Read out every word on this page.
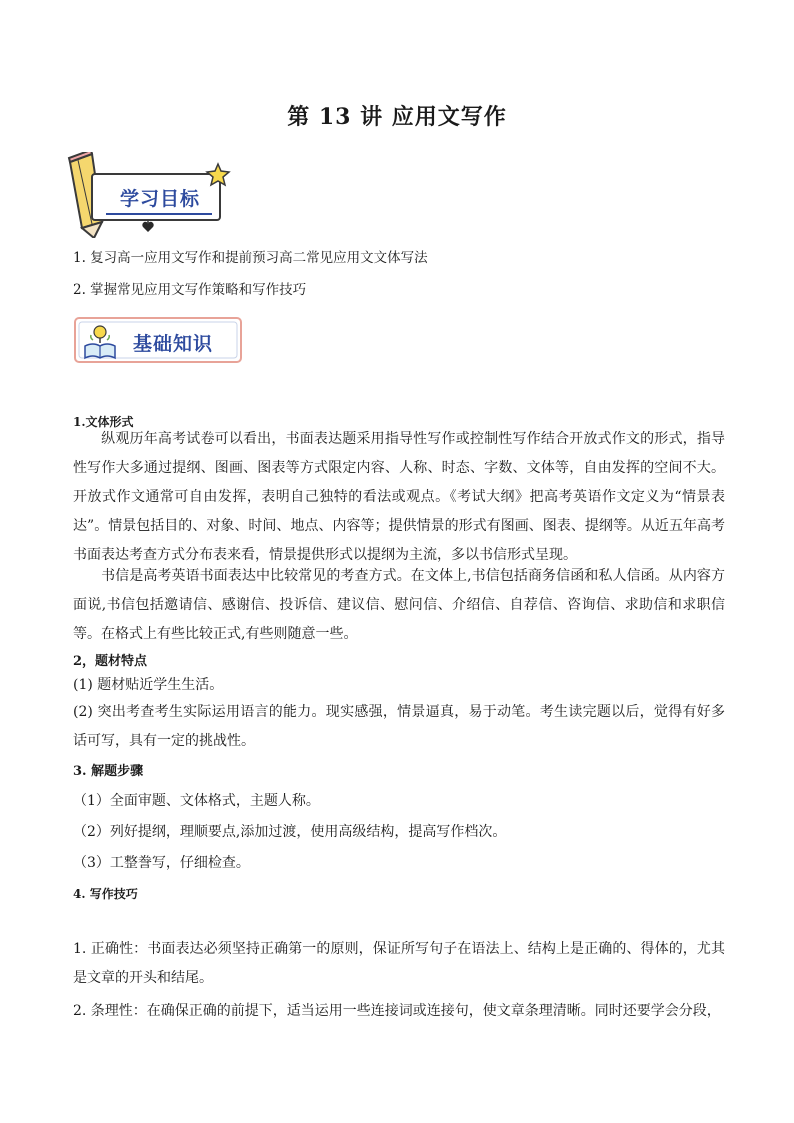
第 13 讲 应用文写作
学习目标
1. 复习高一应用文写作和提前预习高二常见应用文文体写法
2. 掌握常见应用文写作策略和写作技巧
基础知识
1.文体形式
纵观历年高考试卷可以看出，书面表达题采用指导性写作或控制性写作结合开放式作文的形式，指导性写作大多通过提纲、图画、图表等方式限定内容、人称、时态、字数、文体等，自由发挥的空间不大。开放式作文通常可自由发挥，表明自己独特的看法或观点。《考试大纲》把高考英语作文定义为“情景表达”。情景包括目的、对象、时间、地点、内容等；提供情景的形式有图画、图表、提纲等。从近五年高考书面表达考查方式分布表来看，情景提供形式以提纲为主流，多以书信形式呈现。
书信是高考英语书面表达中比较常见的考查方式。在文体上,书信包括商务信函和私人信函。从内容方面说,书信包括邀请信、感谢信、投诉信、建议信、慰问信、介绍信、自荐信、咨询信、求助信和求职信等。在格式上有些比较正式,有些则随意一些。
2，题材特点
(1) 题材贴近学生生活。
(2) 突出考查考生实际运用语言的能力。现实感强，情景逼真，易于动笔。考生读完题以后，觉得有好多话可写，具有一定的挑战性。
3. 解题步骤
（1）全面审题、文体格式，主题人称。
（2）列好提纲，理顺要点,添加过渡，使用高级结构，提高写作档次。
（3）工整誊写，仔细检查。
4. 写作技巧
1. 正确性：书面表达必须坚持正确第一的原则，保证所写句子在语法上、结构上是正确的、得体的，尤其是文章的开头和结尾。
2. 条理性：在确保正确的前提下，适当运用一些连接词或连接句，使文章条理清晰。同时还要学会分段，
